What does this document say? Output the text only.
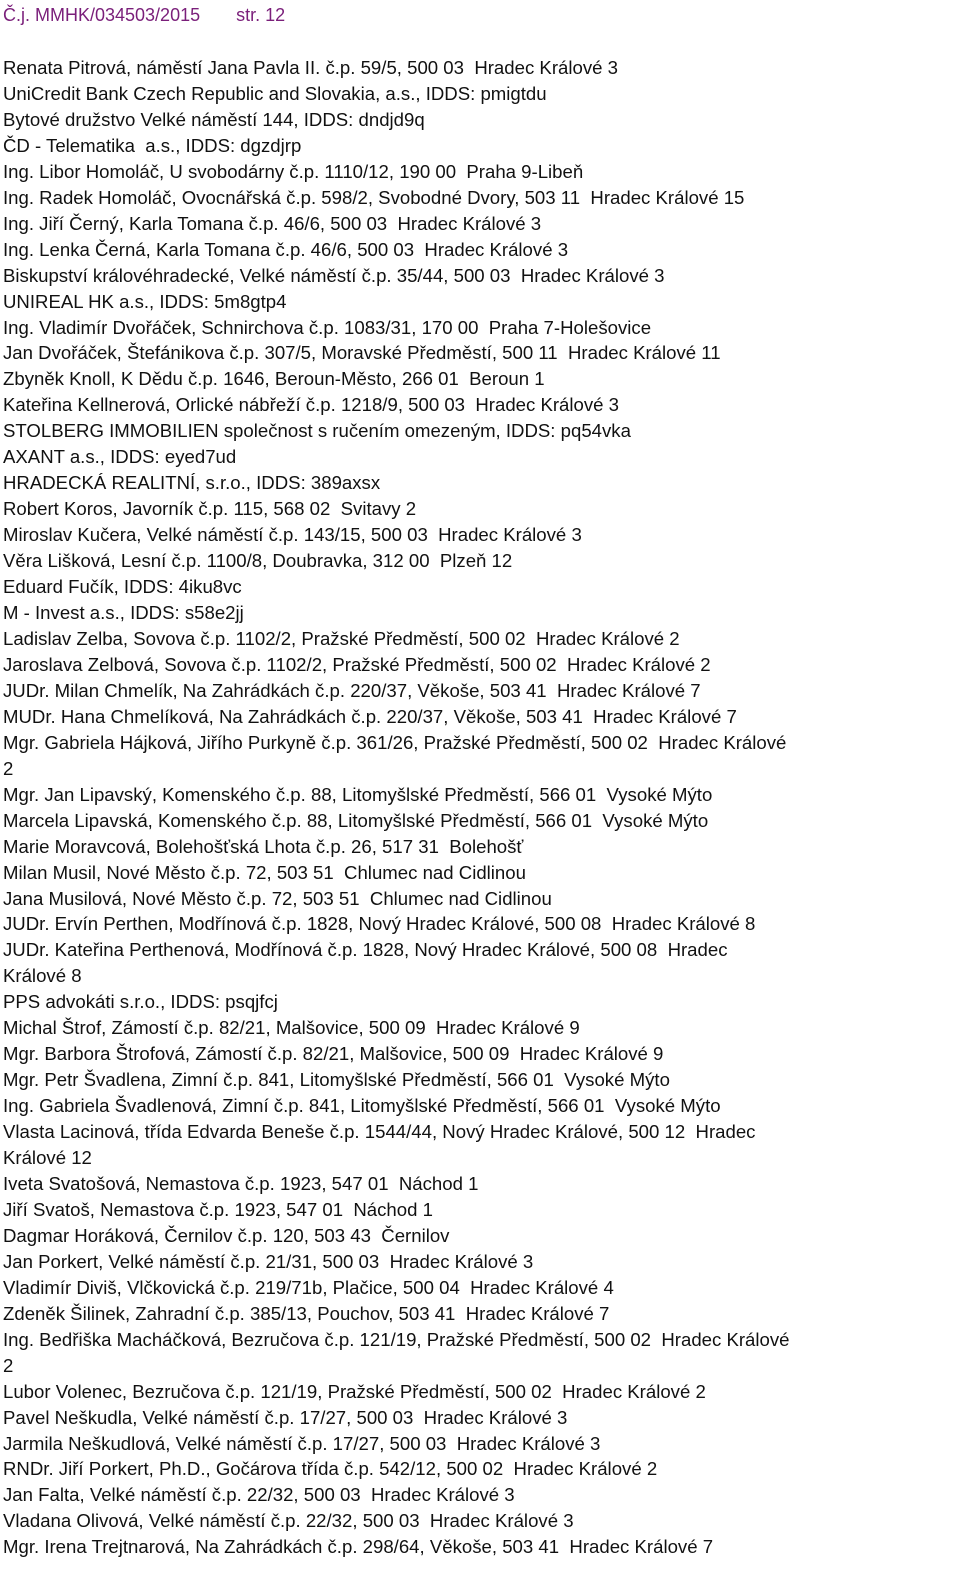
Č.j. MMHK/034503/2015 str. 12
Renata Pitrová, náměstí Jana Pavla II. č.p. 59/5, 500 03  Hradec Králové 3
UniCredit Bank Czech Republic and Slovakia, a.s., IDDS: pmigtdu
Bytové družstvo Velké náměstí 144, IDDS: dndjd9q
ČD - Telematika  a.s., IDDS: dgzdjrp
Ing. Libor Homoláč, U svobodárny č.p. 1110/12, 190 00  Praha 9-Libeň
Ing. Radek Homoláč, Ovocnářská č.p. 598/2, Svobodné Dvory, 503 11  Hradec Králové 15
Ing. Jiří Černý, Karla Tomana č.p. 46/6, 500 03  Hradec Králové 3
Ing. Lenka Černá, Karla Tomana č.p. 46/6, 500 03  Hradec Králové 3
Biskupství královéhradecké, Velké náměstí č.p. 35/44, 500 03  Hradec Králové 3
UNIREAL HK a.s., IDDS: 5m8gtp4
Ing. Vladimír Dvořáček, Schnirchova č.p. 1083/31, 170 00  Praha 7-Holešovice
Jan Dvořáček, Štefánikova č.p. 307/5, Moravské Předměstí, 500 11  Hradec Králové 11
Zbyněk Knoll, K Dědu č.p. 1646, Beroun-Město, 266 01  Beroun 1
Kateřina Kellnerová, Orlické nábřeží č.p. 1218/9, 500 03  Hradec Králové 3
STOLBERG IMMOBILIEN společnost s ručením omezeným, IDDS: pq54vka
AXANT a.s., IDDS: eyed7ud
HRADECKÁ REALITNÍ, s.r.o., IDDS: 389axsx
Robert Koros, Javorník č.p. 115, 568 02  Svitavy 2
Miroslav Kučera, Velké náměstí č.p. 143/15, 500 03  Hradec Králové 3
Věra Lišková, Lesní č.p. 1100/8, Doubravka, 312 00  Plzeň 12
Eduard Fučík, IDDS: 4iku8vc
M - Invest a.s., IDDS: s58e2jj
Ladislav Zelba, Sovova č.p. 1102/2, Pražské Předměstí, 500 02  Hradec Králové 2
Jaroslava Zelbová, Sovova č.p. 1102/2, Pražské Předměstí, 500 02  Hradec Králové 2
JUDr. Milan Chmelík, Na Zahrádkách č.p. 220/37, Věkoše, 503 41  Hradec Králové 7
MUDr. Hana Chmelíková, Na Zahrádkách č.p. 220/37, Věkoše, 503 41  Hradec Králové 7
Mgr. Gabriela Hájková, Jiřího Purkyně č.p. 361/26, Pražské Předměstí, 500 02  Hradec Králové
2
Mgr. Jan Lipavský, Komenského č.p. 88, Litomyšlské Předměstí, 566 01  Vysoké Mýto
Marcela Lipavská, Komenského č.p. 88, Litomyšlské Předměstí, 566 01  Vysoké Mýto
Marie Moravcová, Bolehošťská Lhota č.p. 26, 517 31  Bolehošť
Milan Musil, Nové Město č.p. 72, 503 51  Chlumec nad Cidlinou
Jana Musilová, Nové Město č.p. 72, 503 51  Chlumec nad Cidlinou
JUDr. Ervín Perthen, Modřínová č.p. 1828, Nový Hradec Králové, 500 08  Hradec Králové 8
JUDr. Kateřina Perthenová, Modřínová č.p. 1828, Nový Hradec Králové, 500 08  Hradec
Králové 8
PPS advokáti s.r.o., IDDS: psqjfcj
Michal Štrof, Zámostí č.p. 82/21, Malšovice, 500 09  Hradec Králové 9
Mgr. Barbora Štrofová, Zámostí č.p. 82/21, Malšovice, 500 09  Hradec Králové 9
Mgr. Petr Švadlena, Zimní č.p. 841, Litomyšlské Předměstí, 566 01  Vysoké Mýto
Ing. Gabriela Švadlenová, Zimní č.p. 841, Litomyšlské Předměstí, 566 01  Vysoké Mýto
Vlasta Lacinová, třída Edvarda Beneše č.p. 1544/44, Nový Hradec Králové, 500 12  Hradec
Králové 12
Iveta Svatošová, Nemastova č.p. 1923, 547 01  Náchod 1
Jiří Svatoš, Nemastova č.p. 1923, 547 01  Náchod 1
Dagmar Horáková, Černilov č.p. 120, 503 43  Černilov
Jan Porkert, Velké náměstí č.p. 21/31, 500 03  Hradec Králové 3
Vladimír Diviš, Vlčkovická č.p. 219/71b, Plačice, 500 04  Hradec Králové 4
Zdeněk Šilinek, Zahradní č.p. 385/13, Pouchov, 503 41  Hradec Králové 7
Ing. Bedřiška Macháčková, Bezručova č.p. 121/19, Pražské Předměstí, 500 02  Hradec Králové
2
Lubor Volenec, Bezručova č.p. 121/19, Pražské Předměstí, 500 02  Hradec Králové 2
Pavel Neškudla, Velké náměstí č.p. 17/27, 500 03  Hradec Králové 3
Jarmila Neškudlová, Velké náměstí č.p. 17/27, 500 03  Hradec Králové 3
RNDr. Jiří Porkert, Ph.D., Gočárova třída č.p. 542/12, 500 02  Hradec Králové 2
Jan Falta, Velké náměstí č.p. 22/32, 500 03  Hradec Králové 3
Vladana Olivová, Velké náměstí č.p. 22/32, 500 03  Hradec Králové 3
Mgr. Irena Trejtnarová, Na Zahrádkách č.p. 298/64, Věkoše, 503 41  Hradec Králové 7
